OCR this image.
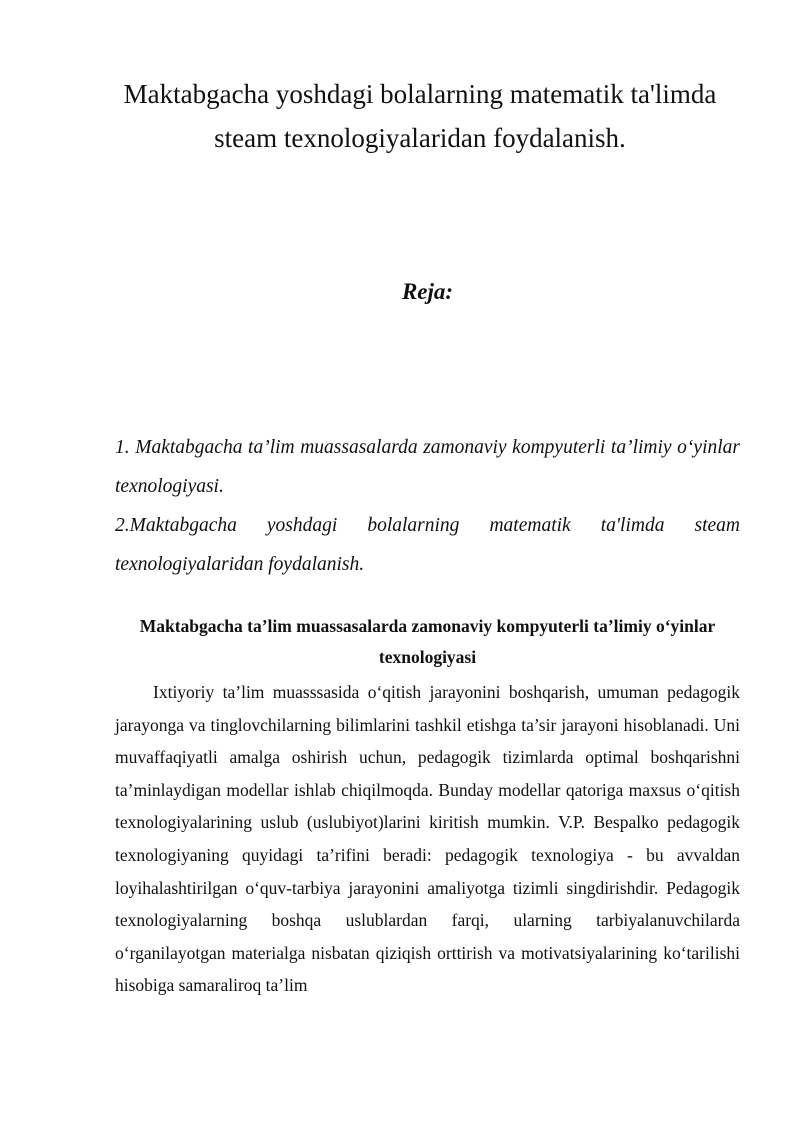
Maktabgacha yoshdagi bolalarning matematik ta'limda
steam texnologiyalaridan foydalanish.
Reja:

1. Maktabgacha ta’lim muassasalarda zamonaviy kompyuterli ta’limiy o‘yinlar texnologiyasi.

2.Maktabgacha yoshdagi bolalarning matematik ta'limda steam texnologiyalaridan foydalanish.

Maktabgacha ta’lim muassasalarda zamonaviy kompyuterli ta’limiy o‘yinlar texnologiyasi

Ixtiyoriy ta’lim muasssasida o‘qitish jarayonini boshqarish, umuman pedagogik jarayonga va tinglovchilarning bilimlarini tashkil etishga ta’sir jarayoni hisoblanadi. Uni muvaffaqiyatli amalga oshirish uchun, pedagogik tizimlarda optimal boshqarishni ta’minlaydigan modellar ishlab chiqilmoqda. Bunday modellar qatoriga maxsus o‘qitish texnologiyalarining uslub (uslubiyot)larini kiritish mumkin. V.P. Bespalko pedagogik texnologiyaning quyidagi ta’rifini beradi: pedagogik texnologiya - bu avvaldan loyihalashtirilgan o‘quv-tarbiya jarayonini amaliyotga tizimli singdirishdir. Pedagogik texnologiyalarning boshqa uslublardan farqi, ularning tarbiyalanuvchilarda o‘rganilayotgan materialga nisbatan qiziqish orttirish va motivatsiyalarining ko‘tarilishi hisobiga samaraliroq ta’lim
